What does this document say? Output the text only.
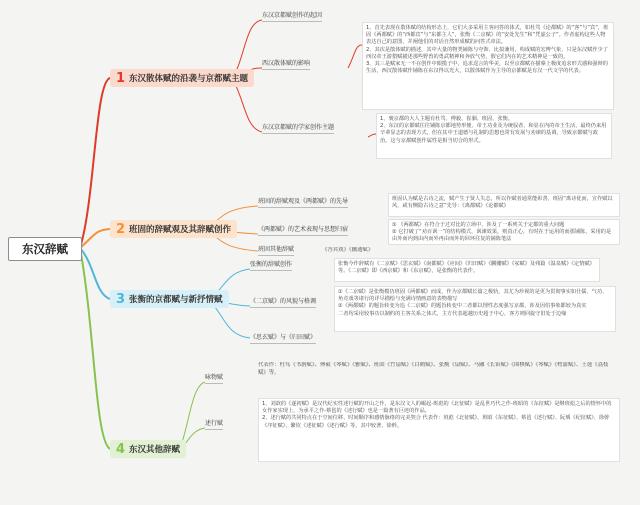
东汉辞赋
1 东汉散体赋的沿袭与京都赋主题
东汉京都赋创作的起因
西汉散体赋的影响
1、首先表现在散体赋的结构形态上，它们大多采用主客问答的体式，如杜笃《论都赋》的“客”与“宾”，班固《两都赋》的“西都宾”与“东都主人”，张衡《二京赋》的“安处先生”和“凭虚公子”。作者虚构这些人物表达自己的意图，并阐他们的对话自然形成赋的问答式章法。
2、其次是散体赋的描述，其中大量的物类铺陈与夸饰、比拟兼用，构成赋的宏博气象，只是东汉赋作少了西汉帝王游猎赋描述那些野兽的勇武精神和奔放气势，假它们内在的艺术精神是一致的。
3、其三是赋家无一不在创作中眼揽子中，追求逞言的华美，以至京都赋在描摹上极度追求形式感和强辩的生活，西汉散体赋作铺陈在东汉得以光大，以散体赋作为主导的京都赋是有汉一代文学的代表。
东汉京都赋的学家创作主题
1、褒京都的大人主题有杜笃、傅毅、崔骃、班固、张衡。
2、东汉的京都赋往往铺陈京都地势形便、帝王功业及为统驭者、和显在内的帝王生活，最终仍来用辛辈显志的表现方式，但在其中王道德与礼制的思想也常有发展与劝谏的基调，导致京都赋与政治。这与京都赋创作属性是相当切合的形式。
2 班固的辞赋观及其辞赋创作
班固的辞赋观及《两都赋》的先导	班固认为赋是古诗之流，赋产生于贤人失志，所以作赋者通常能彰善，班固“离诗优而，宣作赋以风，咸有恻隐古诗之意”先导：《离都赋》《论都赋》
《两都赋》的艺术表现与思想归宿
① 《两都赋》在符合于过对比的立场中，涉及了一系列关于定都的重大问题
② 它打破了“劝百讽一”的结构模式，讽谏效果，则真正心，有时在于运用的而那铺陈，采用的是由外而内到由内而外再由而外的回环往复的铺陈笔法
班固其他辞赋	《答宾戏》《幽通赋》
3 张衡的京都赋与新抒情赋
张衡的辞赋创作	张衡今作辞赋有《二京赋》《思玄赋》《南都赋》《应间》《归田赋》《髑髅赋》《冢赋》及残篇《温泉赋》《定情赋》等。《二京赋》即《西京赋》和《东京赋》，是张衡的代表作。
《二京赋》的风貌与格调
①《二京赋》是张衡模仿班固《两都赋》而成，作为京都赋长篇之极轨，其尤为珍视的是更为贯彻事实如仕儒、气功、角竞戏等诸行的详尽描绘与充满诗情画意的表物描写
②《两都赋》的题旨转变为追《二京赋》的题旨转变中二者都以理性态度强写京都，涉及因俗事象都较为真实
二者均采用较事功以制约的主客关系之体式，主方代表超越历史超于中心，客方则回旋守旧处于边缘
《思玄赋》与《归田赋》
4 东汉其他辞赋
咏物赋
代表作：杜笃《书旃赋》、傅毅《琴赋》《雅赋》、班固《竹扇赋》《白鹤赋》、张衡《扇赋》、马融《长笛赋》《围棋赋》《琴赋》《樗蒲赋》、王逸《荔枝赋》等。
述行赋
1、刘歆的《遂初赋》是汉代纪实性述行赋的开山之作，是东汉文人的崛起-班彪的《北征赋》是乱世巧代之作-班昭的《东征赋》是继班彪之后的情怀中的女作家实现上，为承平之作-蔡邕的《述行赋》也是一篇著有巨迹的作品。
2、述行赋的共同特点在于空间位移、时间顺序和感情脉络的完美契合 代表作：班彪《北征赋》、班昭《东征赋》、蔡邕《述行赋》、阮瑀《纪征赋》、徐幹《序征赋》、繁钦《述征赋》《述行赋》等。其中较著、徐幹。
